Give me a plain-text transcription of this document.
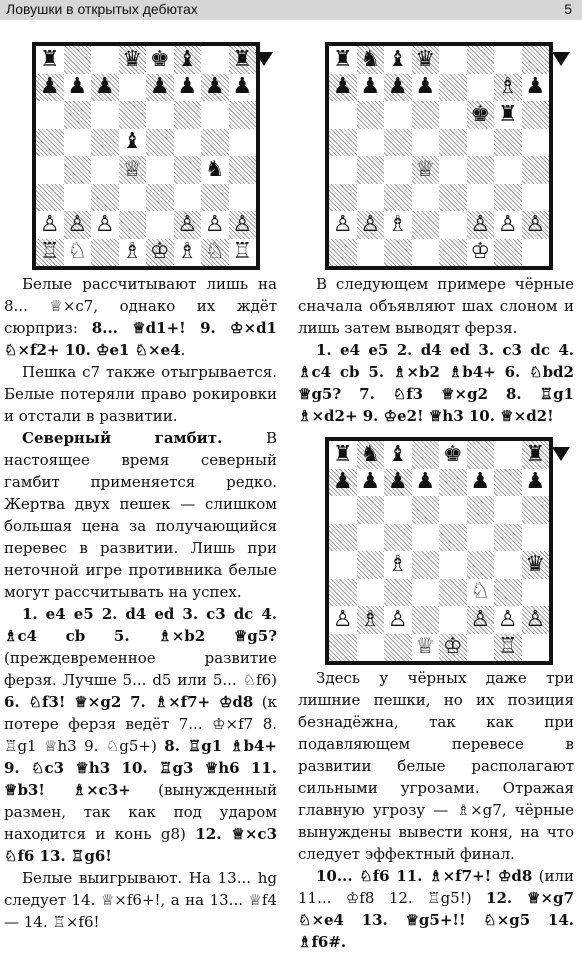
Ловушки в открытых дебютах	5
♜	♛ ♚ ♝ ♜
♟ ♟ ♟ ♟ ♟ ♟ ♟
♝
♕	♞
♙ ♙ ♙	♙ ♙ ♙
♖ ♘ ♗ ♔ ♗ ♘ ♖
♜ ♞ ♝ ♛
♟ ♟ ♟ ♟	♗ ♟
♚ ♜
♕
♙ ♙ ♗	♙ ♙ ♙
♔
♜ ♞ ♝ ♚	♜
♟ ♟ ♟ ♟ ♟ ♟
♗	♛
♘
♙ ♗ ♙	♙ ♙ ♙
♕ ♔ ♖

Белые рассчитывают лишь на 8... ♕×c7, однако их ждёт сюрприз: 8... ♕d1+! 9. ♔×d1 ♘×f2+ 10. ♔e1 ♘×e4.

Пешка c7 также отыгрывается. Белые потеряли право рокировки и отстали в развитии.

Северный гамбит. В настоящее время северный гамбит применяется редко. Жертва двух пешек — слишком большая цена за получающийся перевес в развитии. Лишь при неточной игре противника белые могут рассчитывать на успех.

1. e4 e5 2. d4 ed 3. c3 dc 4. ♗c4 cb 5. ♗×b2 ♕g5? (преждевременное развитие ферзя. Лучше 5... d5 или 5... ♘f6) 6. ♘f3! ♕×g2 7. ♗×f7+ ♔d8 (к потере ферзя ведёт 7... ♔×f7 8. ♖g1 ♕h3 9. ♘g5+) 8. ♖g1 ♗b4+ 9. ♘c3 ♕h3 10. ♖g3 ♕h6 11. ♕b3! ♗×c3+ (вынужденный размен, так как под ударом находится и конь g8) 12. ♕×c3 ♘f6 13. ♖g6!

Белые выигрывают. На 13... hg следует 14. ♕×f6+!, а на 13... ♕f4 — 14. ♖×f6!

В следующем примере чёрные сначала объявляют шах слоном и лишь затем выводят ферзя.

1. e4 e5 2. d4 ed 3. c3 dc 4. ♗c4 cb 5. ♗×b2 ♗b4+ 6. ♘bd2 ♕g5? 7. ♘f3 ♕×g2 8. ♖g1 ♗×d2+ 9. ♔e2! ♕h3 10. ♕×d2!

Здесь у чёрных даже три лишние пешки, но их позиция безнадёжна, так как при подавляющем перевесе в развитии белые располагают сильными угрозами. Отражая главную угрозу — ♗×g7, чёрные вынуждены вывести коня, на что следует эффектный финал.

10... ♘f6 11. ♗×f7+! ♔d8 (или 11... ♔f8 12. ♖g5!) 12. ♕×g7 ♘×e4 13. ♕g5+!! ♘×g5 14. ♗f6#.
